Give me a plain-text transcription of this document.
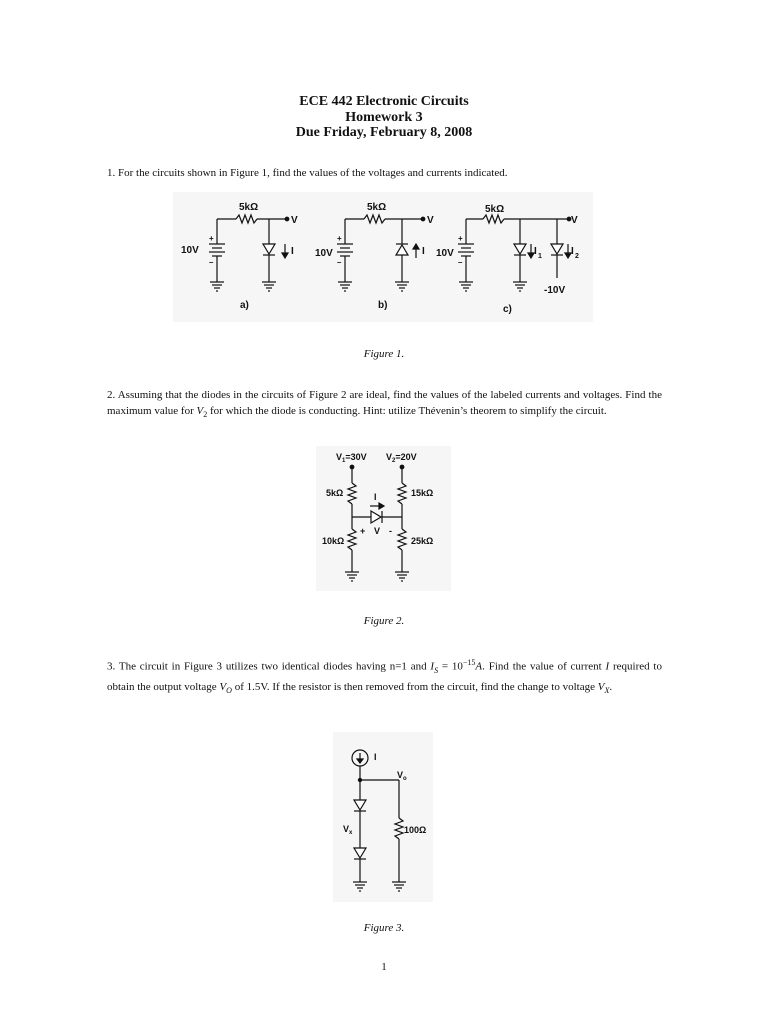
ECE 442 Electronic Circuits
Homework 3
Due Friday, February 8, 2008
1. For the circuits shown in Figure 1, find the values of the voltages and currents indicated.
5kΩ
V
10V
+
–
I
a)
5kΩ
V
10V
+
–
I
b)
5kΩ
V
10V
+
–
I 1	I 2
-10V
c)
Figure 1.
2. Assuming that the diodes in the circuits of Figure 2 are ideal, find the values of the labeled currents and voltages. Find the maximum value for $V_2$ for which the diode is conducting. Hint: utilize Thévenin’s theorem to simplify the circuit.
$V_1=30V$ $V_2=20V$
5kΩ	15kΩ
10kΩ	25kΩ
I
+ V -
Figure 2.
3. The circuit in Figure 3 utilizes two identical diodes having n=1 and $I_S = 10^{-15}A$. Find the value of current I required to obtain the output voltage $V_O$ of 1.5V. If the resistor is then removed from the circuit, find the change to voltage $V_X$.
I
$V_o$
$V_x$	100Ω
Figure 3.
1
